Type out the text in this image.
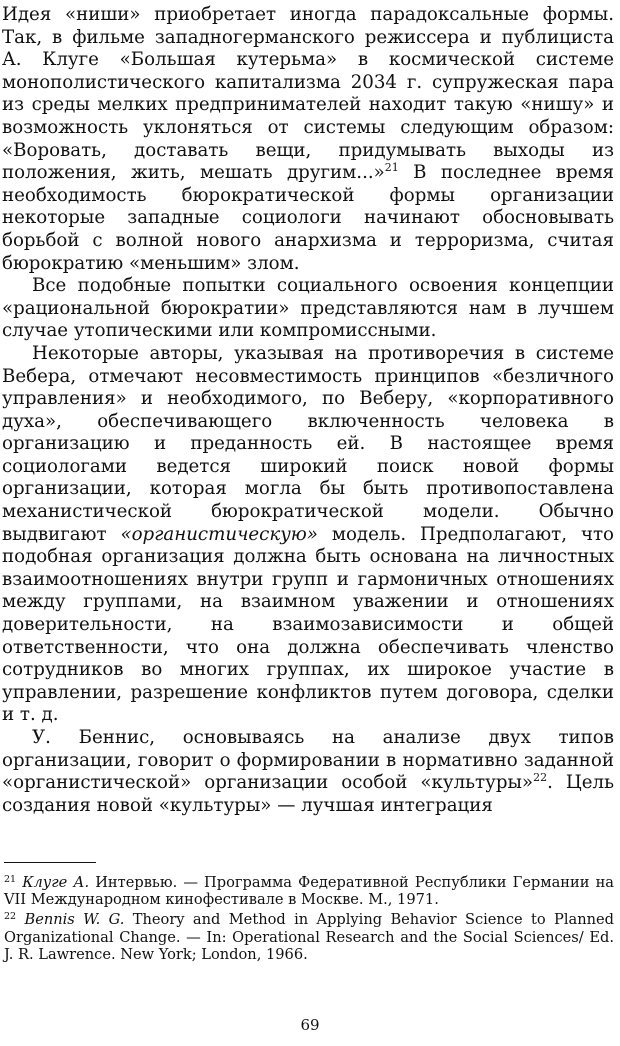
Идея «ниши» приобретает иногда парадоксальные формы. Так, в фильме западногерманского режиссера и публициста А. Клуге «Большая кутерьма» в космической системе монополистического капитализма 2034 г. супружеская пара из среды мелких предпринимателей находит такую «нишу» и возможность уклоняться от системы следующим образом: «Воровать, доставать вещи, придумывать выходы из положения, жить, мешать другим...»$^{21}$ В последнее время необходимость бюрократической формы организации некоторые западные социологи начинают обосновывать борьбой с волной нового анархизма и терроризма, считая бюрократию «меньшим» злом.

Все подобные попытки социального освоения концепции «рациональной бюрократии» представляются нам в лучшем случае утопическими или компромиссными.

Некоторые авторы, указывая на противоречия в системе Вебера, отмечают несовместимость принципов «безличного управления» и необходимого, по Веберу, «корпоративного духа», обеспечивающего включенность человека в организацию и преданность ей. В настоящее время социологами ведется широкий поиск новой формы организации, которая могла бы быть противопоставлена механистической бюрократической модели. Обычно выдвигают «органистическую» модель. Предполагают, что подобная организация должна быть основана на личностных взаимоотношениях внутри групп и гармоничных отношениях между группами, на взаимном уважении и отношениях доверительности, на взаимозависимости и общей ответственности, что она должна обеспечивать членство сотрудников во многих группах, их широкое участие в управлении, разрешение конфликтов путем договора, сделки и т. д.

У. Беннис, основываясь на анализе двух типов организации, говорит о формировании в нормативно заданной «органистической» организации особой «культуры»$^{22}$. Цель создания новой «культуры» — лучшая интеграция

$^{21}$ Клуге А. Интервью. — Программа Федеративной Республики Германии на VII Международном кинофестивале в Москве. М., 1971.

$^{22}$ Bennis W. G. Theory and Method in Applying Behavior Science to Planned Organizational Change. — In: Operational Research and the Social Sciences/ Ed. J. R. Lawrence. New York; London, 1966.

69
